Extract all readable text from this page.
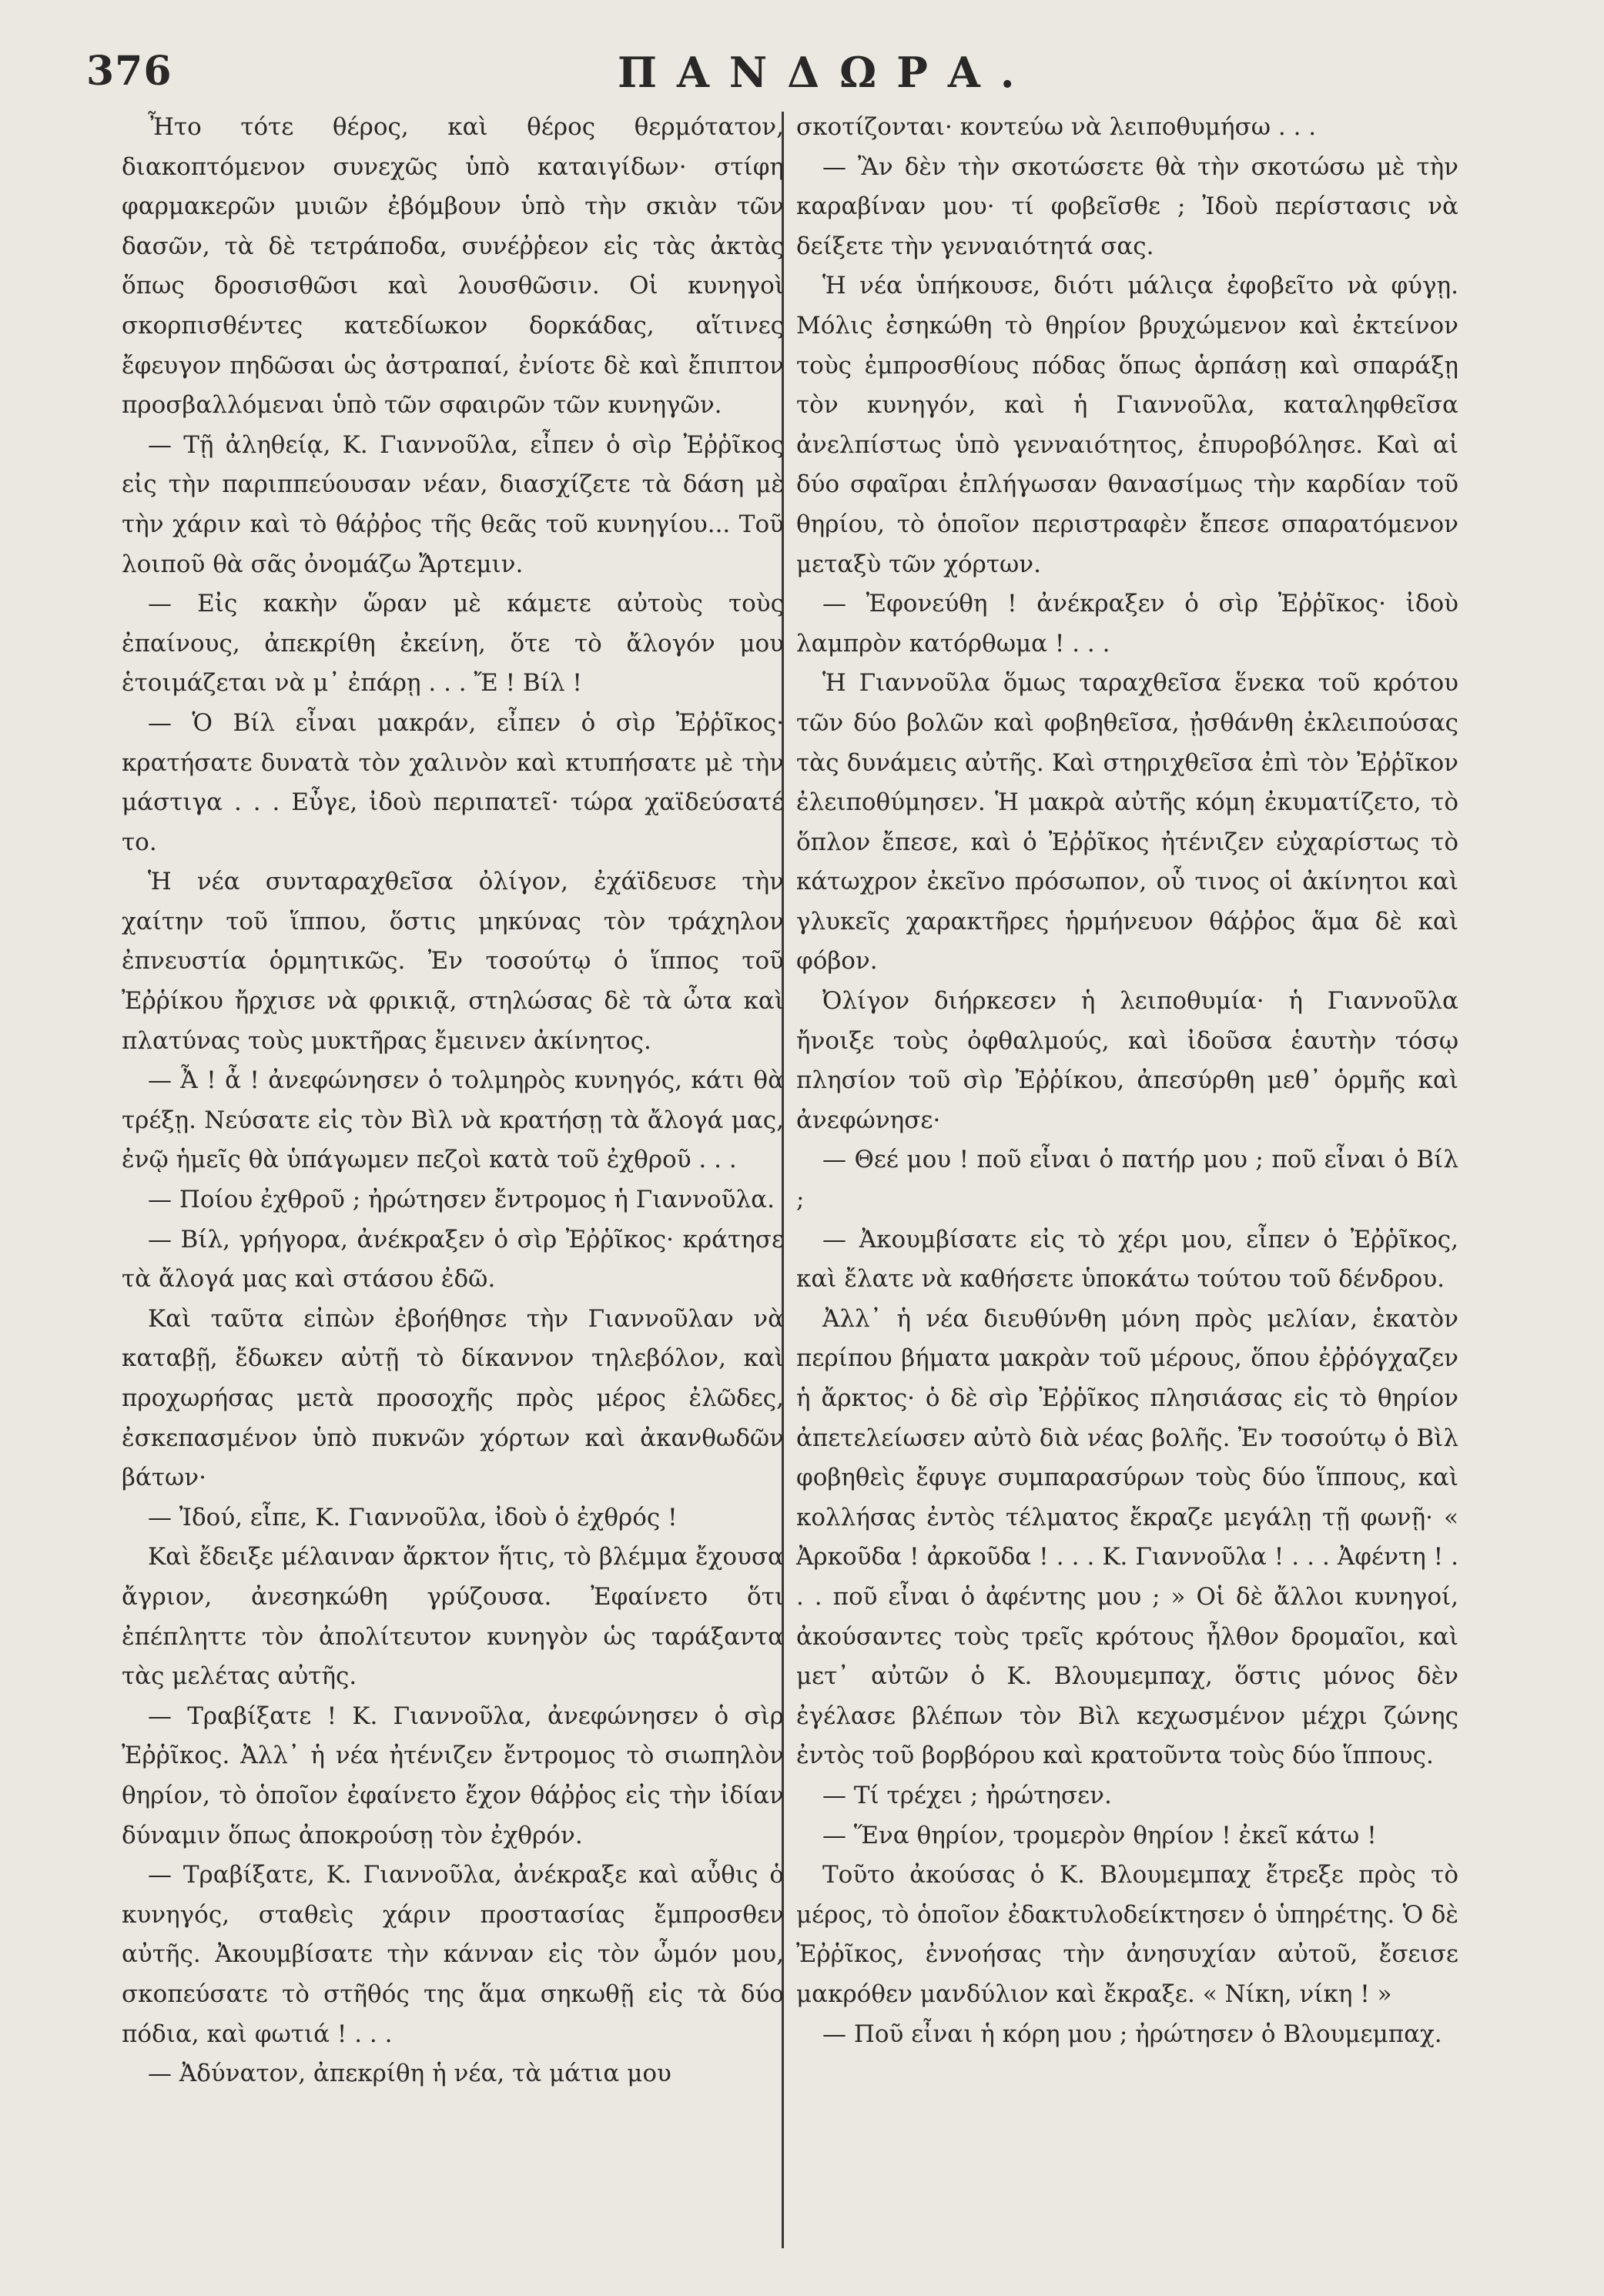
376	ΠΑΝΔΩΡΑ.

Ἦτο τότε θέρος, καὶ θέρος θερμότατον, διακοπτόμενον συνεχῶς ὑπὸ καταιγίδων· στίφη φαρμακερῶν μυιῶν ἐβόμβουν ὑπὸ τὴν σκιὰν τῶν δασῶν, τὰ δὲ τετράποδα, συνέῤῥεον εἰς τὰς ἀκτὰς ὅπως δροσισθῶσι καὶ λουσθῶσιν. Οἱ κυνηγοὶ σκορπισθέντες κατεδίωκον δορκάδας, αἵτινες ἔφευγον πηδῶσαι ὡς ἀστραπαί, ἐνίοτε δὲ καὶ ἔπιπτον προσβαλλόμεναι ὑπὸ τῶν σφαιρῶν τῶν κυνηγῶν.

— Τῇ ἀληθείᾳ, Κ. Γιαννοῦλα, εἶπεν ὁ σὶρ Ἐῤῥῖκος εἰς τὴν παριππεύουσαν νέαν, διασχίζετε τὰ δάση μὲ τὴν χάριν καὶ τὸ θάῤῥος τῆς θεᾶς τοῦ κυνηγίου... Τοῦ λοιποῦ θὰ σᾶς ὀνομάζω Ἄρτεμιν.

— Εἰς κακὴν ὥραν μὲ κάμετε αὐτοὺς τοὺς ἐπαίνους, ἀπεκρίθη ἐκείνη, ὅτε τὸ ἄλογόν μου ἑτοιμάζεται νὰ μ᾽ ἐπάρῃ . . . Ἔ ! Βίλ !

— Ὁ Βίλ εἶναι μακράν, εἶπεν ὁ σὶρ Ἐῤῥῖκος· κρατήσατε δυνατὰ τὸν χαλινὸν καὶ κτυπήσατε μὲ τὴν μάστιγα . . . Εὖγε, ἰδοὺ περιπατεῖ· τώρα χαϊδεύσατέ το.

Ἡ νέα συνταραχθεῖσα ὀλίγον, ἐχάϊδευσε τὴν χαίτην τοῦ ἵππου, ὅστις μηκύνας τὸν τράχηλον ἐπνευστία ὁρμητικῶς. Ἐν τοσούτῳ ὁ ἵππος τοῦ Ἐῤῥίκου ἤρχισε νὰ φρικιᾷ, στηλώσας δὲ τὰ ὦτα καὶ πλατύνας τοὺς μυκτῆρας ἔμεινεν ἀκίνητος.

— Ἆ ! ἆ ! ἀνεφώνησεν ὁ τολμηρὸς κυνηγός, κάτι θὰ τρέξῃ. Νεύσατε εἰς τὸν Βὶλ νὰ κρατήσῃ τὰ ἄλογά μας, ἐνῷ ἡμεῖς θὰ ὑπάγωμεν πεζοὶ κατὰ τοῦ ἐχθροῦ . . .

— Ποίου ἐχθροῦ ; ἠρώτησεν ἔντρομος ἡ Γιαννοῦλα.

— Βίλ, γρήγορα, ἀνέκραξεν ὁ σὶρ Ἐῤῥῖκος· κράτησε τὰ ἄλογά μας καὶ στάσου ἐδῶ.

Καὶ ταῦτα εἰπὼν ἐβοήθησε τὴν Γιαννοῦλαν νὰ καταβῇ, ἔδωκεν αὐτῇ τὸ δίκαννον τηλεβόλον, καὶ προχωρήσας μετὰ προσοχῆς πρὸς μέρος ἐλῶδες, ἐσκεπασμένον ὑπὸ πυκνῶν χόρτων καὶ ἀκανθωδῶν βάτων·

— Ἰδού, εἶπε, Κ. Γιαννοῦλα, ἰδοὺ ὁ ἐχθρός !

Καὶ ἔδειξε μέλαιναν ἄρκτον ἥτις, τὸ βλέμμα ἔχουσα ἄγριον, ἀνεσηκώθη γρύζουσα. Ἐφαίνετο ὅτι ἐπέπληττε τὸν ἀπολίτευτον κυνηγὸν ὡς ταράξαντα τὰς μελέτας αὐτῆς.

— Τραβίξατε ! Κ. Γιαννοῦλα, ἀνεφώνησεν ὁ σὶρ Ἐῤῥῖκος. Ἀλλ᾽ ἡ νέα ἠτένιζεν ἔντρομος τὸ σιωπηλὸν θηρίον, τὸ ὁποῖον ἐφαίνετο ἔχον θάῤῥος εἰς τὴν ἰδίαν δύναμιν ὅπως ἀποκρούσῃ τὸν ἐχθρόν.

— Τραβίξατε, Κ. Γιαννοῦλα, ἀνέκραξε καὶ αὖθις ὁ κυνηγός, σταθεὶς χάριν προστασίας ἔμπροσθεν αὐτῆς. Ἀκουμβίσατε τὴν κάνναν εἰς τὸν ὦμόν μου, σκοπεύσατε τὸ στῆθός της ἅμα σηκωθῇ εἰς τὰ δύο πόδια, καὶ φωτιά ! . . .

— Ἀδύνατον, ἀπεκρίθη ἡ νέα, τὰ μάτια μου

σκοτίζονται· κοντεύω νὰ λειποθυμήσω . . .

— Ἂν δὲν τὴν σκοτώσετε θὰ τὴν σκοτώσω μὲ τὴν καραβίναν μου· τί φοβεῖσθε ; Ἰδοὺ περίστασις νὰ δείξετε τὴν γενναιότητά σας.

Ἡ νέα ὑπήκουσε, διότι μάλιςα ἐφοβεῖτο νὰ φύγῃ. Μόλις ἐσηκώθη τὸ θηρίον βρυχώμενον καὶ ἐκτείνον τοὺς ἐμπροσθίους πόδας ὅπως ἁρπάσῃ καὶ σπαράξῃ τὸν κυνηγόν, καὶ ἡ Γιαννοῦλα, καταληφθεῖσα ἀνελπίστως ὑπὸ γενναιότητος, ἐπυροβόλησε. Καὶ αἱ δύο σφαῖραι ἐπλήγωσαν θανασίμως τὴν καρδίαν τοῦ θηρίου, τὸ ὁποῖον περιστραφὲν ἔπεσε σπαρατόμενον μεταξὺ τῶν χόρτων.

— Ἐφονεύθη ! ἀνέκραξεν ὁ σὶρ Ἐῤῥῖκος· ἰδοὺ λαμπρὸν κατόρθωμα ! . . .

Ἡ Γιαννοῦλα ὅμως ταραχθεῖσα ἕνεκα τοῦ κρότου τῶν δύο βολῶν καὶ φοβηθεῖσα, ᾐσθάνθη ἐκλειπούσας τὰς δυνάμεις αὐτῆς. Καὶ στηριχθεῖσα ἐπὶ τὸν Ἐῤῥῖκον ἐλειποθύμησεν. Ἡ μακρὰ αὐτῆς κόμη ἐκυματίζετο, τὸ ὅπλον ἔπεσε, καὶ ὁ Ἐῤῥῖκος ἠτένιζεν εὐχαρίστως τὸ κάτωχρον ἐκεῖνο πρόσωπον, οὗ τινος οἱ ἀκίνητοι καὶ γλυκεῖς χαρακτῆρες ἡρμήνευον θάῤῥος ἅμα δὲ καὶ φόβον.

Ὀλίγον διήρκεσεν ἡ λειποθυμία· ἡ Γιαννοῦλα ἤνοιξε τοὺς ὀφθαλμούς, καὶ ἰδοῦσα ἑαυτὴν τόσῳ πλησίον τοῦ σὶρ Ἐῤῥίκου, ἀπεσύρθη μεθ᾽ ὁρμῆς καὶ ἀνεφώνησε·

— Θεέ μου ! ποῦ εἶναι ὁ πατήρ μου ; ποῦ εἶναι ὁ Βίλ ;

— Ἀκουμβίσατε εἰς τὸ χέρι μου, εἶπεν ὁ Ἐῤῥῖκος, καὶ ἔλατε νὰ καθήσετε ὑποκάτω τούτου τοῦ δένδρου.

Ἀλλ᾽ ἡ νέα διευθύνθη μόνη πρὸς μελίαν, ἑκατὸν περίπου βήματα μακρὰν τοῦ μέρους, ὅπου ἐῤῥόγχαζεν ἡ ἄρκτος· ὁ δὲ σὶρ Ἐῤῥῖκος πλησιάσας εἰς τὸ θηρίον ἀπετελείωσεν αὐτὸ διὰ νέας βολῆς. Ἐν τοσούτῳ ὁ Βὶλ φοβηθεὶς ἔφυγε συμπαρασύρων τοὺς δύο ἵππους, καὶ κολλήσας ἐντὸς τέλματος ἔκραζε μεγάλῃ τῇ φωνῇ· « Ἀρκοῦδα ! ἀρκοῦδα ! . . . Κ. Γιαννοῦλα ! . . . Ἀφέντη ! . . . ποῦ εἶναι ὁ ἀφέντης μου ; » Οἱ δὲ ἄλλοι κυνηγοί, ἀκούσαντες τοὺς τρεῖς κρότους ἦλθον δρομαῖοι, καὶ μετ᾽ αὐτῶν ὁ Κ. Βλουμεμπαχ, ὅστις μόνος δὲν ἐγέλασε βλέπων τὸν Βὶλ κεχωσμένον μέχρι ζώνης ἐντὸς τοῦ βορβόρου καὶ κρατοῦντα τοὺς δύο ἵππους.

— Τί τρέχει ; ἠρώτησεν.

— Ἕνα θηρίον, τρομερὸν θηρίον ! ἐκεῖ κάτω !

Τοῦτο ἀκούσας ὁ Κ. Βλουμεμπαχ ἔτρεξε πρὸς τὸ μέρος, τὸ ὁποῖον ἐδακτυλοδείκτησεν ὁ ὑπηρέτης. Ὁ δὲ Ἐῤῥῖκος, ἐννοήσας τὴν ἀνησυχίαν αὐτοῦ, ἔσεισε μακρόθεν μανδύλιον καὶ ἔκραξε. « Νίκη, νίκη ! »

— Ποῦ εἶναι ἡ κόρη μου ; ἠρώτησεν ὁ Βλουμεμπαχ.
